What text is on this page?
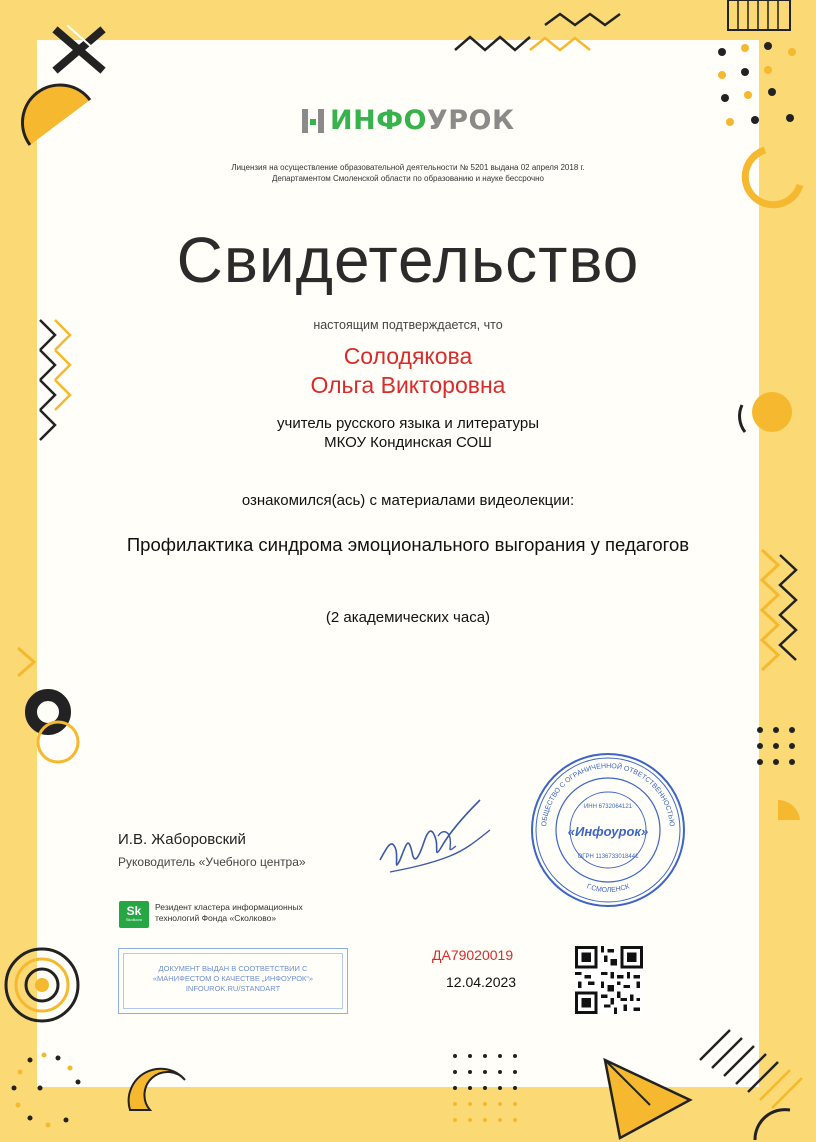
ИНФОУРОК
Лицензия на осуществление образовательной деятельности № 5201 выдана 02 апреля 2018 г.
Департаментом Смоленской области по образованию и науке бессрочно
Свидетельство
настоящим подтверждается, что
Солодякова
Ольга Викторовна
учитель русского языка и литературы
МКОУ Кондинская СОШ
ознакомился(ась) с материалами видеолекции:
Профилактика синдрома эмоционального выгорания у педагогов
(2 академических часа)
И.В. Жаборовский
Руководитель «Учебного центра»
ОБЩЕСТВО С ОГРАНИЧЕННОЙ ОТВЕТСТВЕННОСТЬЮ
Г.СМОЛЕНСК
ИНН 6732064121
«Инфоурок»
ОГРН 1136733018441
Sk
Skolkovo
Резидент кластера информационных
технологий Фонда «Сколково»
ДОКУМЕНТ ВЫДАН В СООТВЕТСТВИИ С
«МАНИФЕСТОМ О КАЧЕСТВЕ „ИНФОУРОК“»
INFOUROK.RU/STANDART
ДА79020019
12.04.2023
